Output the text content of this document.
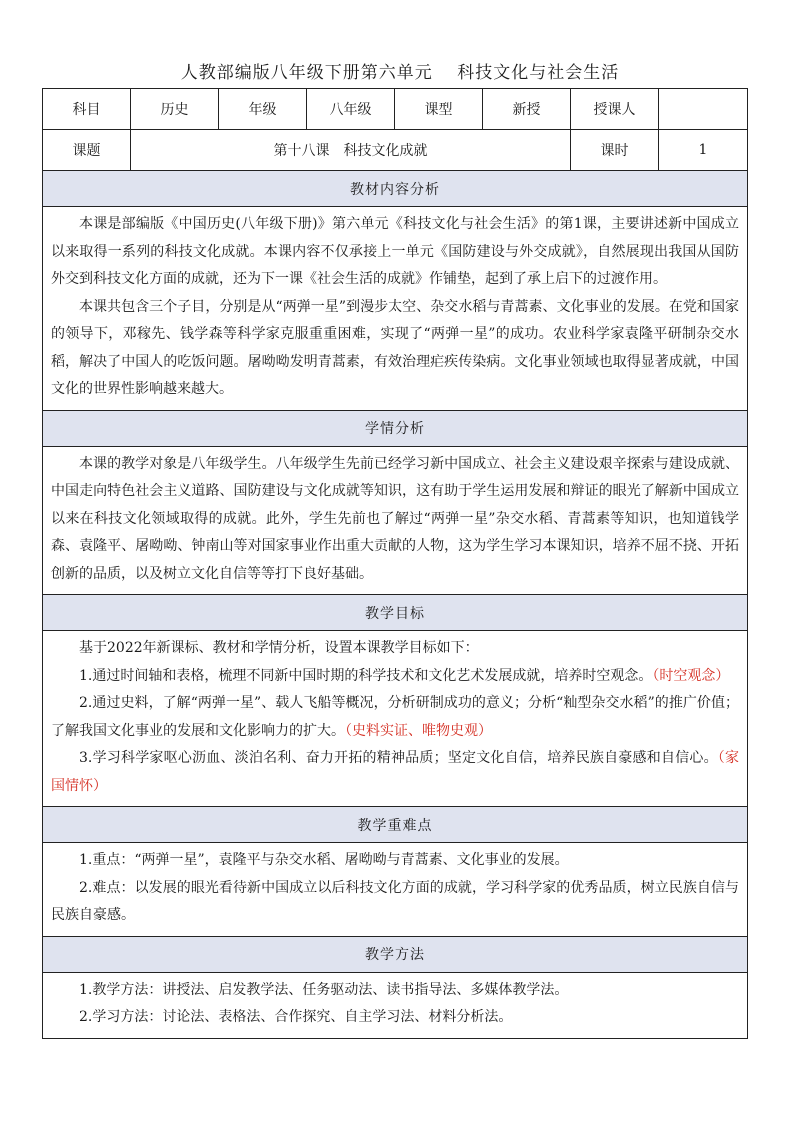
人教部编版八年级下册第六单元　 科技文化与社会生活
科目	历史	年级	八年级	课型	新授	授课人	
课题	第十八课　科技文化成就					课时	1
教材内容分析							

本课是部编版《中国历史(八年级下册)》第六单元《科技文化与社会生活》的第1课，主要讲述新中国成立以来取得一系列的科技文化成就。本课内容不仅承接上一单元《国防建设与外交成就》，自然展现出我国从国防外交到科技文化方面的成就，还为下一课《社会生活的成就》作铺垫，起到了承上启下的过渡作用。

本课共包含三个子目，分别是从“两弹一星”到漫步太空、杂交水稻与青蒿素、文化事业的发展。在党和国家的领导下，邓稼先、钱学森等科学家克服重重困难，实现了“两弹一星”的成功。农业科学家袁隆平研制杂交水稻，解决了中国人的吃饭问题。屠呦呦发明青蒿素，有效治理疟疾传染病。文化事业领域也取得显著成就，中国文化的世界性影响越来越大。							

学情分析							

本课的教学对象是八年级学生。八年级学生先前已经学习新中国成立、社会主义建设艰辛探索与建设成就、中国走向特色社会主义道路、国防建设与文化成就等知识，这有助于学生运用发展和辩证的眼光了解新中国成立以来在科技文化领域取得的成就。此外，学生先前也了解过“两弹一星”杂交水稻、青蒿素等知识，也知道钱学森、袁隆平、屠呦呦、钟南山等对国家事业作出重大贡献的人物，这为学生学习本课知识，培养不屈不挠、开拓创新的品质，以及树立文化自信等等打下良好基础。							

教学目标							

基于2022年新课标、教材和学情分析，设置本课教学目标如下：

1.通过时间轴和表格，梳理不同新中国时期的科学技术和文化艺术发展成就，培养时空观念。（时空观念）

2.通过史料，了解“两弹一星”、载人飞船等概况，分析研制成功的意义；分析“籼型杂交水稻”的推广价值；了解我国文化事业的发展和文化影响力的扩大。（史料实证、唯物史观）

3.学习科学家呕心沥血、淡泊名利、奋力开拓的精神品质；坚定文化自信，培养民族自豪感和自信心。（家国情怀）							

教学重难点							

1.重点：“两弹一星”，袁隆平与杂交水稻、屠呦呦与青蒿素、文化事业的发展。

2.难点：以发展的眼光看待新中国成立以后科技文化方面的成就，学习科学家的优秀品质，树立民族自信与民族自豪感。							

教学方法							

1.教学方法：讲授法、启发教学法、任务驱动法、读书指导法、多媒体教学法。

2.学习方法：讨论法、表格法、合作探究、自主学习法、材料分析法。							
